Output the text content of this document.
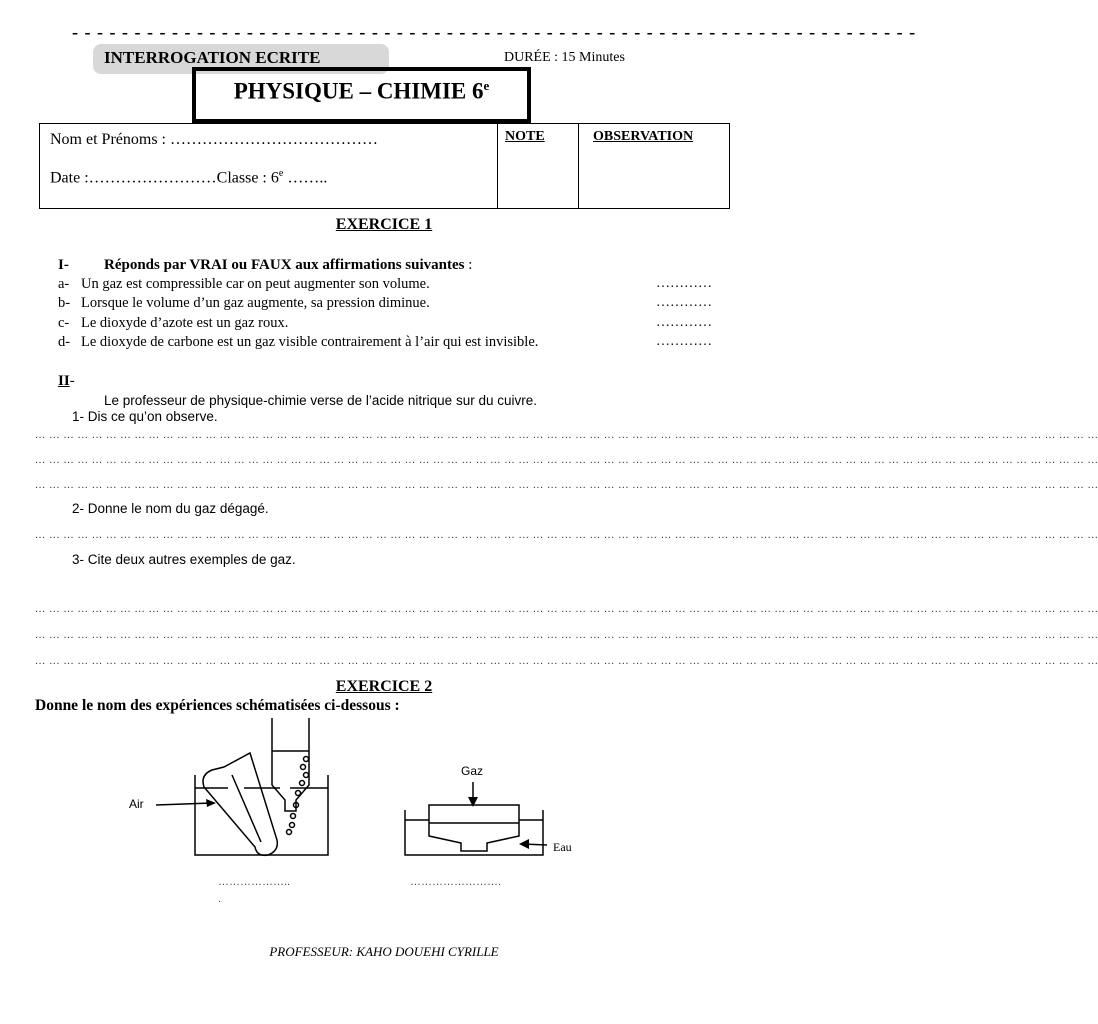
- - - - - - - - - - - - - - - - - - - - - - - - - - - - - - - - - - - - - - - - - - - - - - - - - - - - - - - - - - - - - - - - - - - -
INTERROGATION ECRITE	DURÉE : 15 Minutes
PHYSIQUE – CHIMIE 6e
Nom et Prénoms : …………………………………
Date :……………………Classe : 6e ……..
NOTE	OBSERVATION
EXERCICE 1
I- Réponds par VRAI ou FAUX aux affirmations suivantes :
a- Un gaz est compressible car on peut augmenter son volume.	…………
b- Lorsque le volume d’un gaz augmente, sa pression diminue.	…………
c- Le dioxyde d’azote est un gaz roux.	…………
d- Le dioxyde de carbone est un gaz visible contrairement à l’air qui est invisible.	…………
II-
Le professeur de physique-chimie verse de l’acide nitrique sur du cuivre.
1- Dis ce qu’on observe.
... ... ... ... ... ... ... ... ... ... ... ... ... ... ... ... ... ... ... ... ... ... ... ... ... ... ... ... ... ... ... ... ... ... ... ... ... ... ... ... ... ... ... ... ... ... ... ... ... ... ... ... ... ... ... ... ... ... ... ... ... ... ... ... ... ... ... ... ... ... ... ... ... ... ...
... ... ... ... ... ... ... ... ... ... ... ... ... ... ... ... ... ... ... ... ... ... ... ... ... ... ... ... ... ... ... ... ... ... ... ... ... ... ... ... ... ... ... ... ... ... ... ... ... ... ... ... ... ... ... ... ... ... ... ... ... ... ... ... ... ... ... ... ... ... ... ... ... ... ...
... ... ... ... ... ... ... ... ... ... ... ... ... ... ... ... ... ... ... ... ... ... ... ... ... ... ... ... ... ... ... ... ... ... ... ... ... ... ... ... ... ... ... ... ... ... ... ... ... ... ... ... ... ... ... ... ... ... ... ... ... ... ... ... ... ... ... ... ... ... ... ... ... ... ...
2- Donne le nom du gaz dégagé.
... ... ... ... ... ... ... ... ... ... ... ... ... ... ... ... ... ... ... ... ... ... ... ... ... ... ... ... ... ... ... ... ... ... ... ... ... ... ... ... ... ... ... ... ... ... ... ... ... ... ... ... ... ... ... ... ... ... ... ... ... ... ... ... ... ... ... ... ... ... ... ... ... ... ...
3- Cite deux autres exemples de gaz.
... ... ... ... ... ... ... ... ... ... ... ... ... ... ... ... ... ... ... ... ... ... ... ... ... ... ... ... ... ... ... ... ... ... ... ... ... ... ... ... ... ... ... ... ... ... ... ... ... ... ... ... ... ... ... ... ... ... ... ... ... ... ... ... ... ... ... ... ... ... ... ... ... ... ...
... ... ... ... ... ... ... ... ... ... ... ... ... ... ... ... ... ... ... ... ... ... ... ... ... ... ... ... ... ... ... ... ... ... ... ... ... ... ... ... ... ... ... ... ... ... ... ... ... ... ... ... ... ... ... ... ... ... ... ... ... ... ... ... ... ... ... ... ... ... ... ... ... ... ...
... ... ... ... ... ... ... ... ... ... ... ... ... ... ... ... ... ... ... ... ... ... ... ... ... ... ... ... ... ... ... ... ... ... ... ... ... ... ... ... ... ... ... ... ... ... ... ... ... ... ... ... ... ... ... ... ... ... ... ... ... ... ... ... ... ... ... ... ... ... ... ... ... ... ...
EXERCICE 2
Donne le nom des expériences schématisées ci-dessous :
Air
Gaz
Eau
………………..
.
…………………….
PROFESSEUR: KAHO DOUEHI CYRILLE
